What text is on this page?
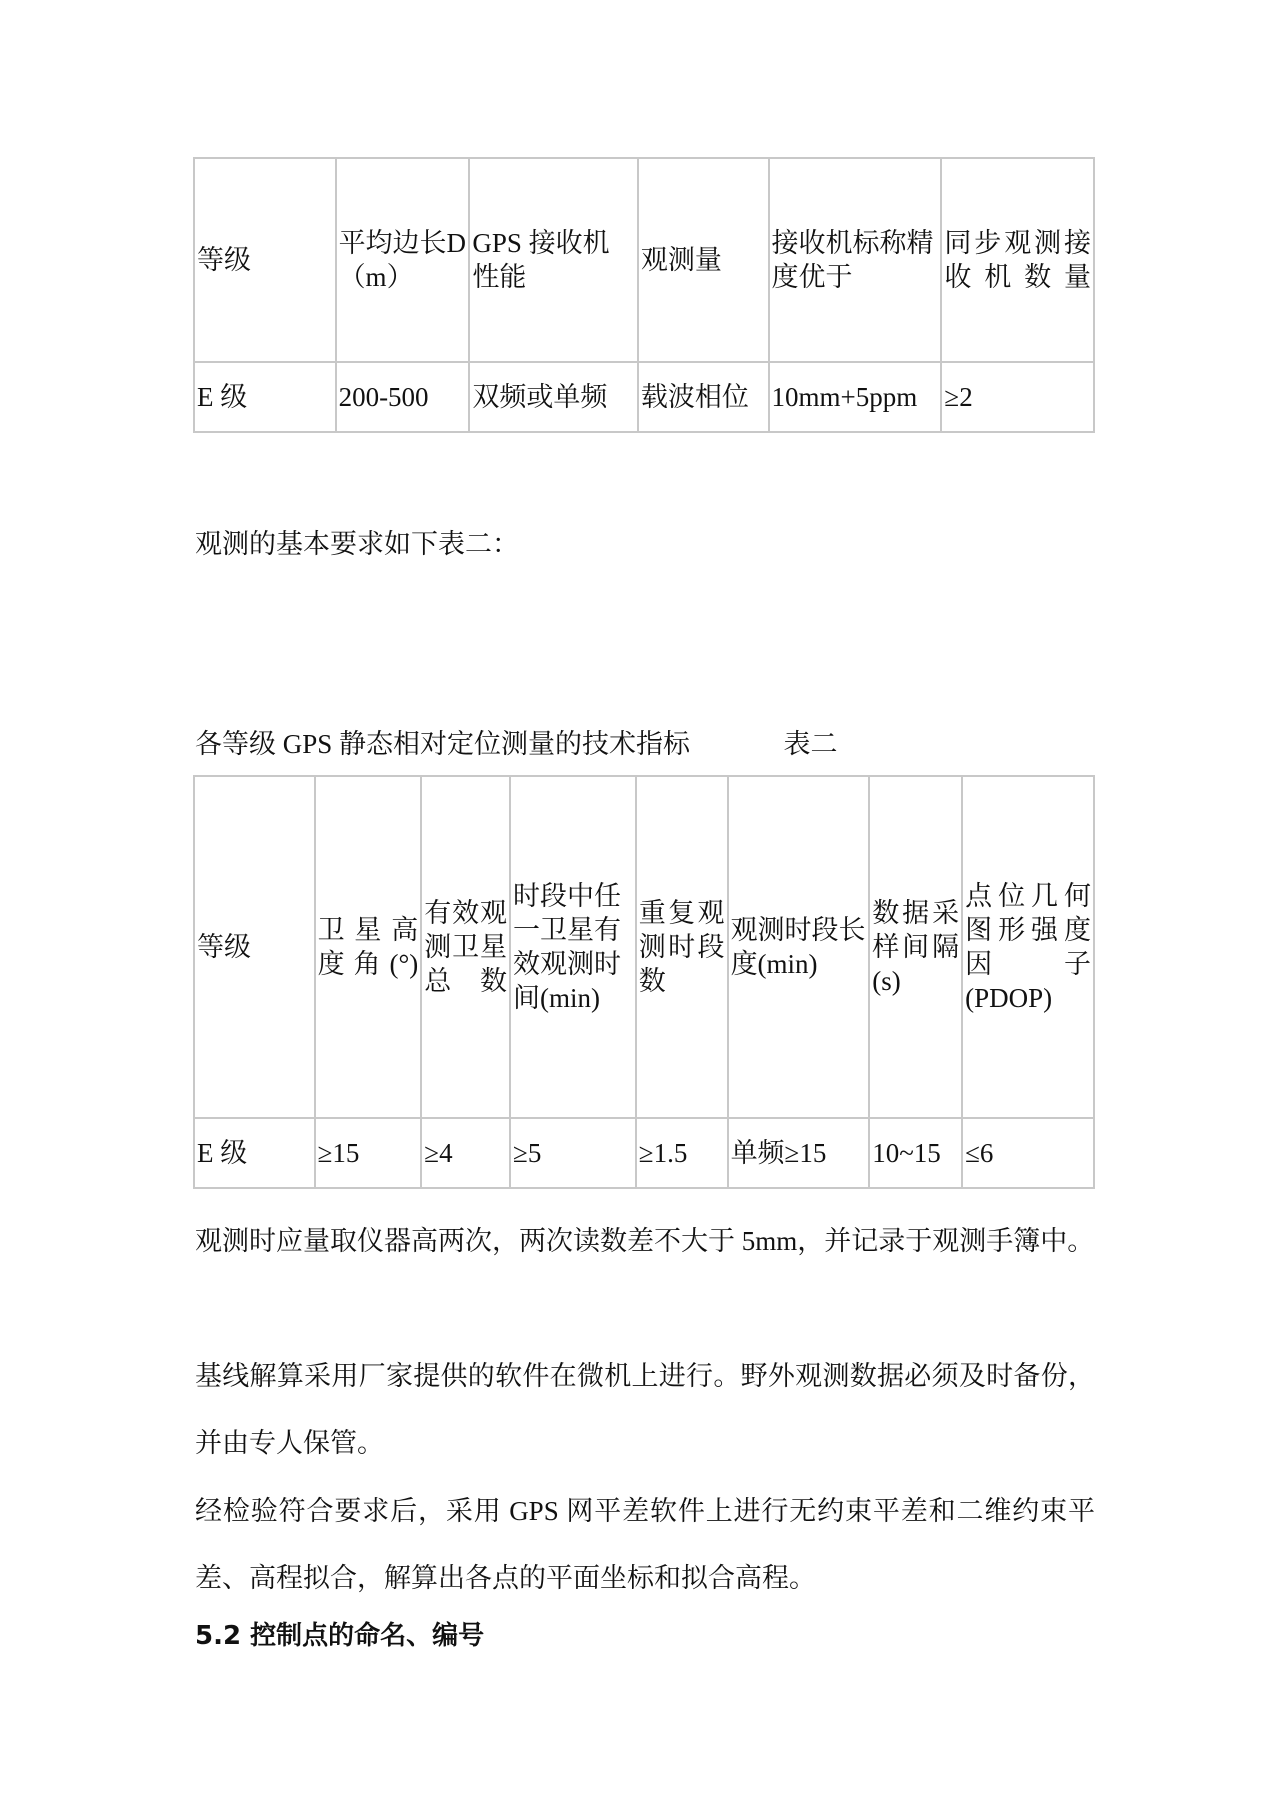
等级	平均边长D（m）	GPS 接收机性能	观测量	接收机标称精度优于	同步观测接收机数量
E 级	200-500	双频或单频	载波相位	10mm+5ppm	≥2
观测的基本要求如下表二：
各等级 GPS 静态相对定位测量的技术指标	表二
等级	卫星高度角(°)	有效观测卫星总数	时段中任一卫星有效观测时间(min)	重复观测时段数	观测时段长度(min)	数据采样间隔(s)	点位几何图形强度因子(PDOP)
E 级	≥15	≥4	≥5	≥1.5	单频≥15	10~15	≤6
观测时应量取仪器高两次，两次读数差不大于 5mm，并记录于观测手簿中。
基线解算采用厂家提供的软件在微机上进行。野外观测数据必须及时备份，并由专人保管。
经检验符合要求后，采用 GPS 网平差软件上进行无约束平差和二维约束平差、高程拟合，解算出各点的平面坐标和拟合高程。
5.2 控制点的命名、编号
